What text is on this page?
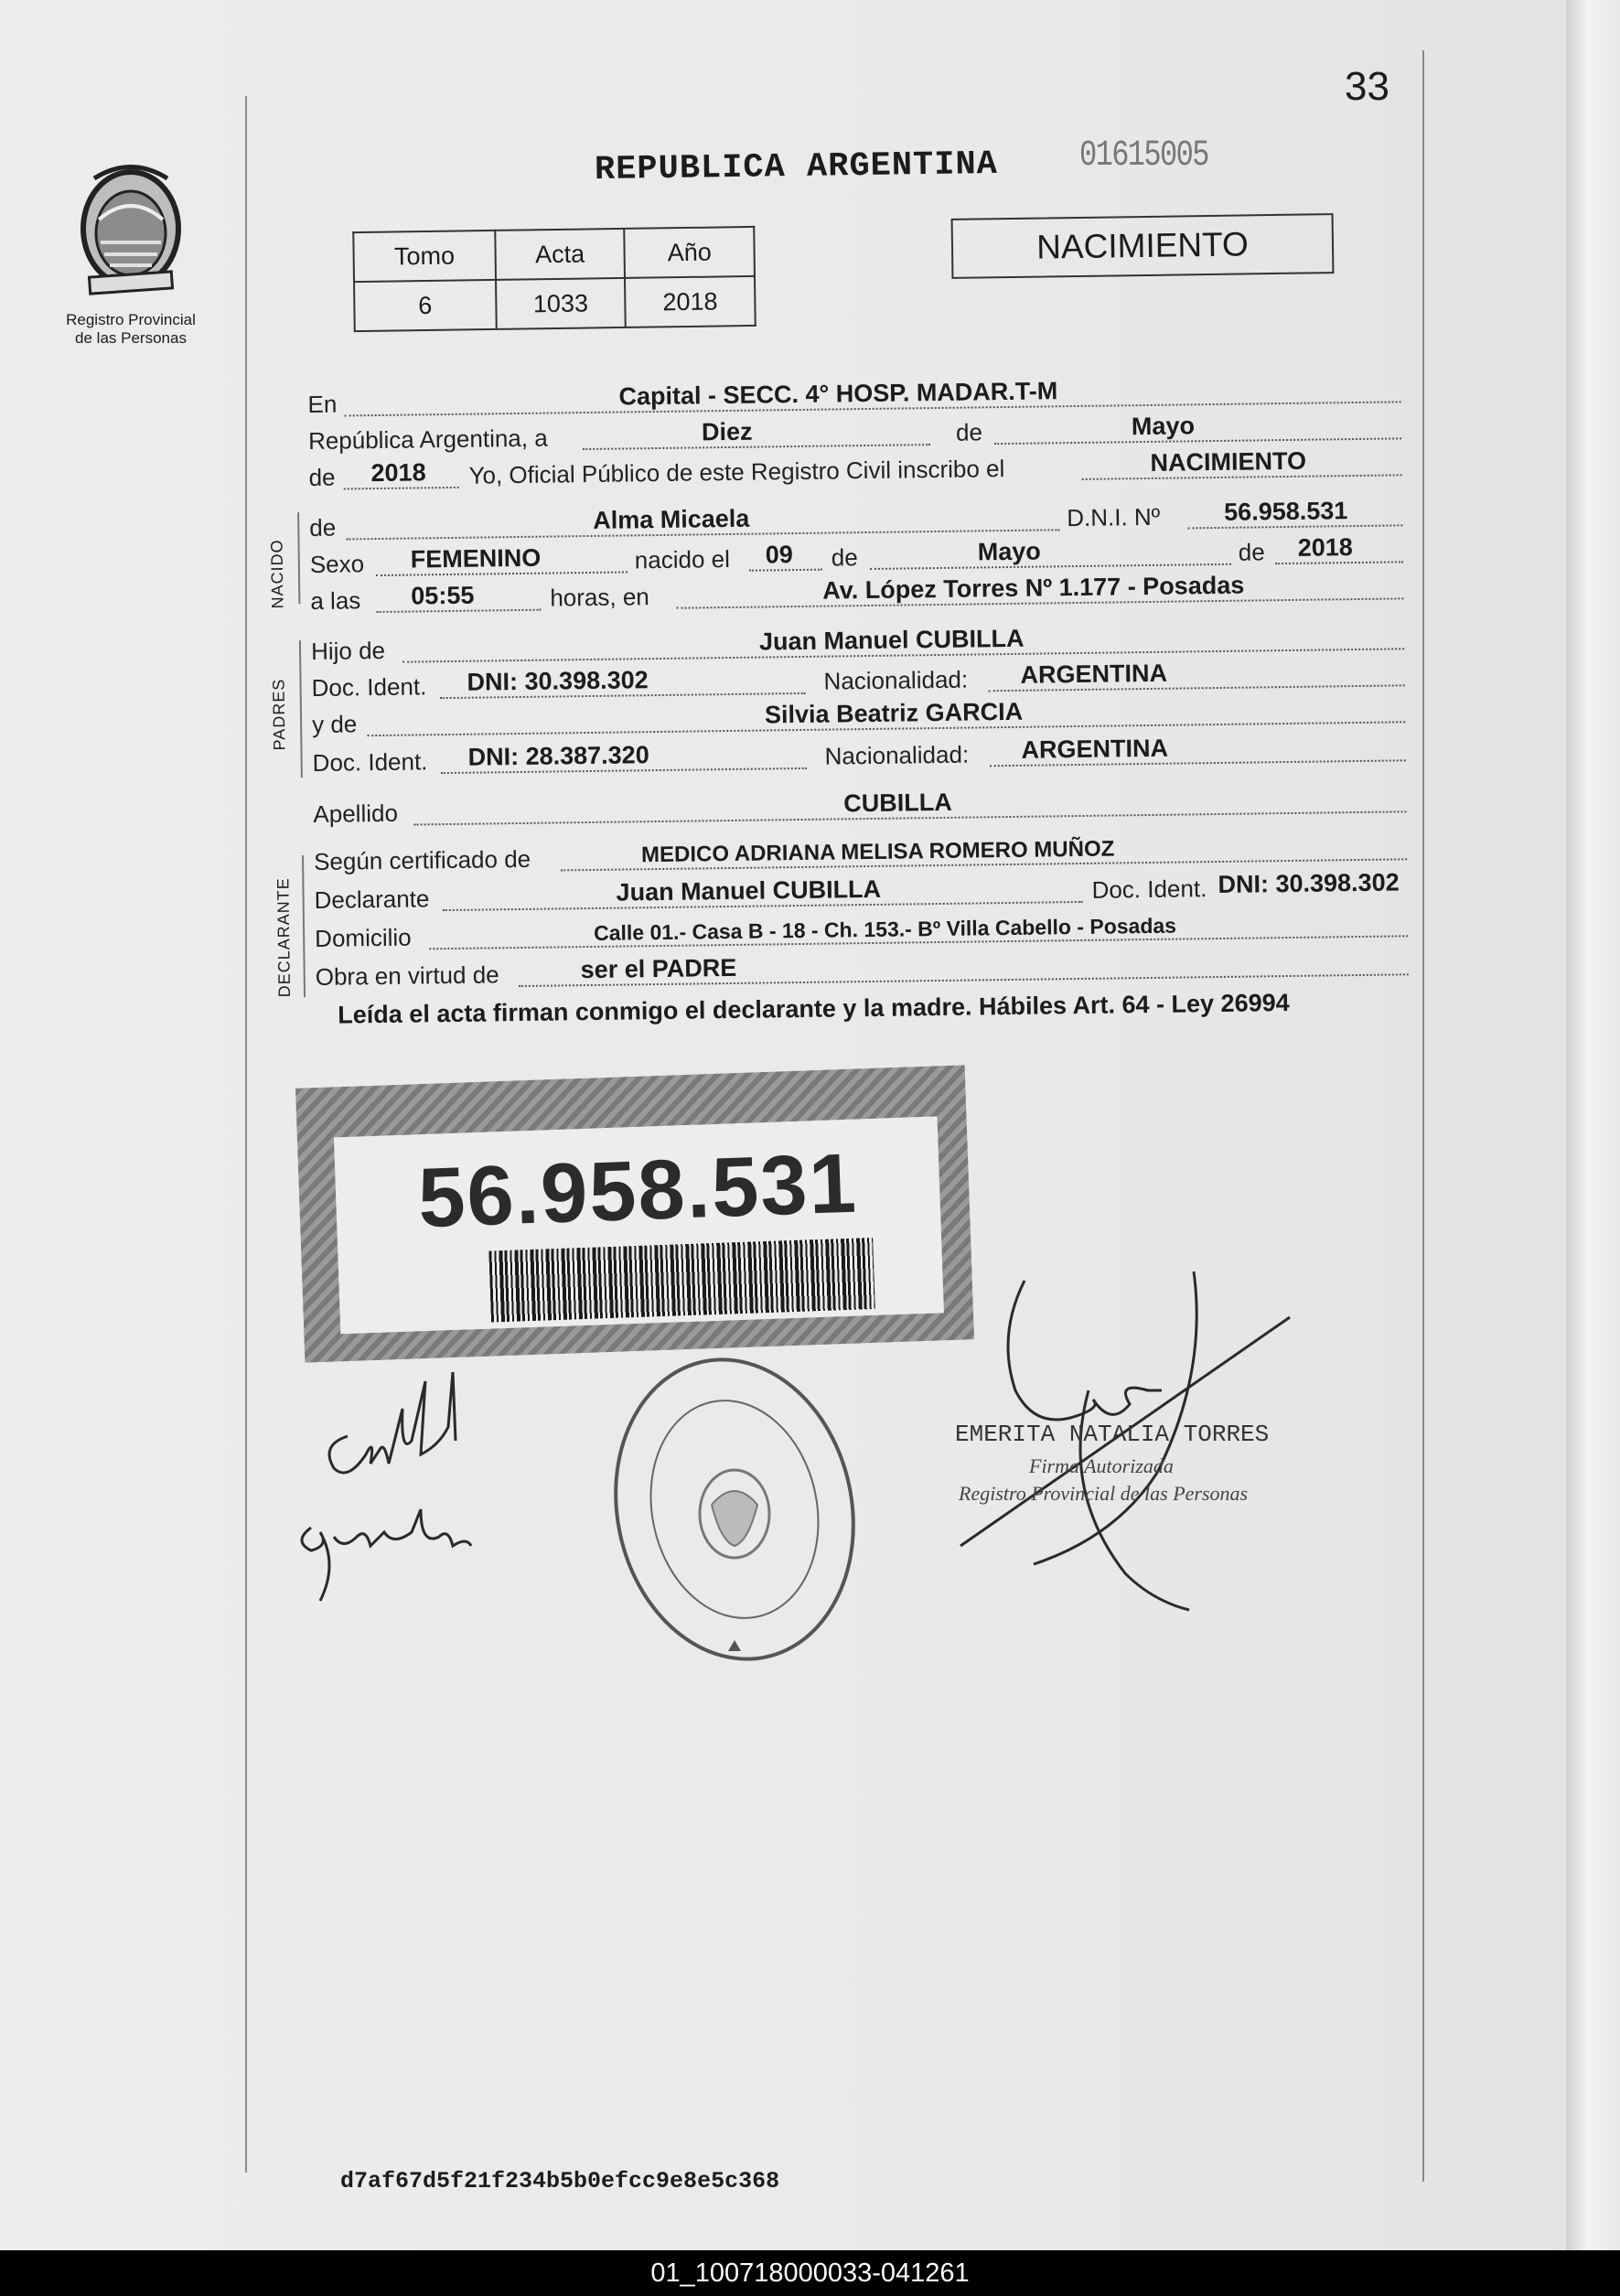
33
Registro Provincial
de las Personas
REPUBLICA ARGENTINA 01615005
Tomo	Acta	Año
6	1033	2018
NACIMIENTO
En	Capital - SECC. 4° HOSP. MADAR.T-M
República Argentina, a	Diez	de	Mayo
de 2018 Yo, Oficial Público de este Registro Civil inscribo el	NACIMIENTO
de	Alma Micaela	D.N.I. Nº	56.958.531
Sexo FEMENINO	nacido el 09 de	Mayo	de 2018
a las 05:55	horas, en	Av. López Torres Nº 1.177 - Posadas
Hijo de	Juan Manuel CUBILLA
Doc. Ident. DNI: 30.398.302	Nacionalidad: ARGENTINA
y de	Silvia Beatriz GARCIA
Doc. Ident. DNI: 28.387.320	Nacionalidad: ARGENTINA
Apellido	CUBILLA
Según certificado de	MEDICO ADRIANA MELISA ROMERO MUÑOZ
Declarante	Juan Manuel CUBILLA	Doc. Ident. DNI: 30.398.302
Domicilio	Calle 01.- Casa B - 18 - Ch. 153.- Bº Villa Cabello - Posadas
Obra en virtud de	ser el PADRE
Leída el acta firman conmigo el declarante y la madre. Hábiles Art. 64 - Ley 26994
NACIDO
PADRES
DECLARANTE
56.958.531
EMERITA NATALIA TORRES
Firma Autorizada
Registro Provincial de las Personas
d7af67d5f21f234b5b0efcc9e8e5c368
01_100718000033-041261
